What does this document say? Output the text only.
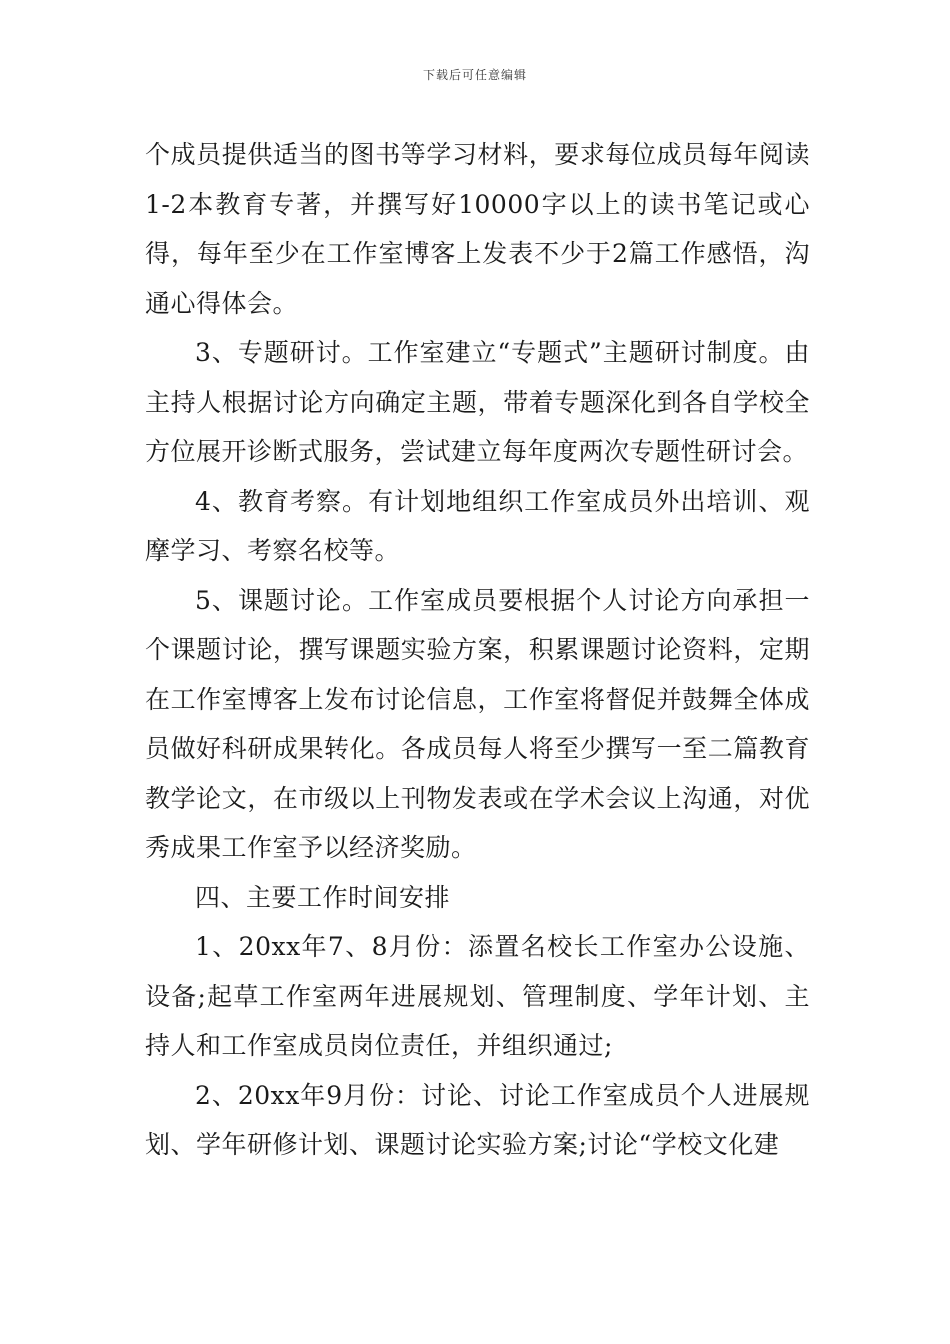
下载后可任意编辑

个成员提供适当的图书等学习材料，要求每位成员每年阅读1-2本教育专著，并撰写好10000字以上的读书笔记或心得，每年至少在工作室博客上发表不少于2篇工作感悟，沟通心得体会。

3、专题研讨。工作室建立“专题式”主题研讨制度。由主持人根据讨论方向确定主题，带着专题深化到各自学校全方位展开诊断式服务，尝试建立每年度两次专题性研讨会。

4、教育考察。有计划地组织工作室成员外出培训、观摩学习、考察名校等。

5、课题讨论。工作室成员要根据个人讨论方向承担一个课题讨论，撰写课题实验方案，积累课题讨论资料，定期在工作室博客上发布讨论信息，工作室将督促并鼓舞全体成员做好科研成果转化。各成员每人将至少撰写一至二篇教育教学论文，在市级以上刊物发表或在学术会议上沟通，对优秀成果工作室予以经济奖励。

四、主要工作时间安排

1、20xx年7、8月份：添置名校长工作室办公设施、设备;起草工作室两年进展规划、管理制度、学年计划、主持人和工作室成员岗位责任，并组织通过;

2、20xx年9月份：讨论、讨论工作室成员个人进展规划、学年研修计划、课题讨论实验方案;讨论“学校文化建
